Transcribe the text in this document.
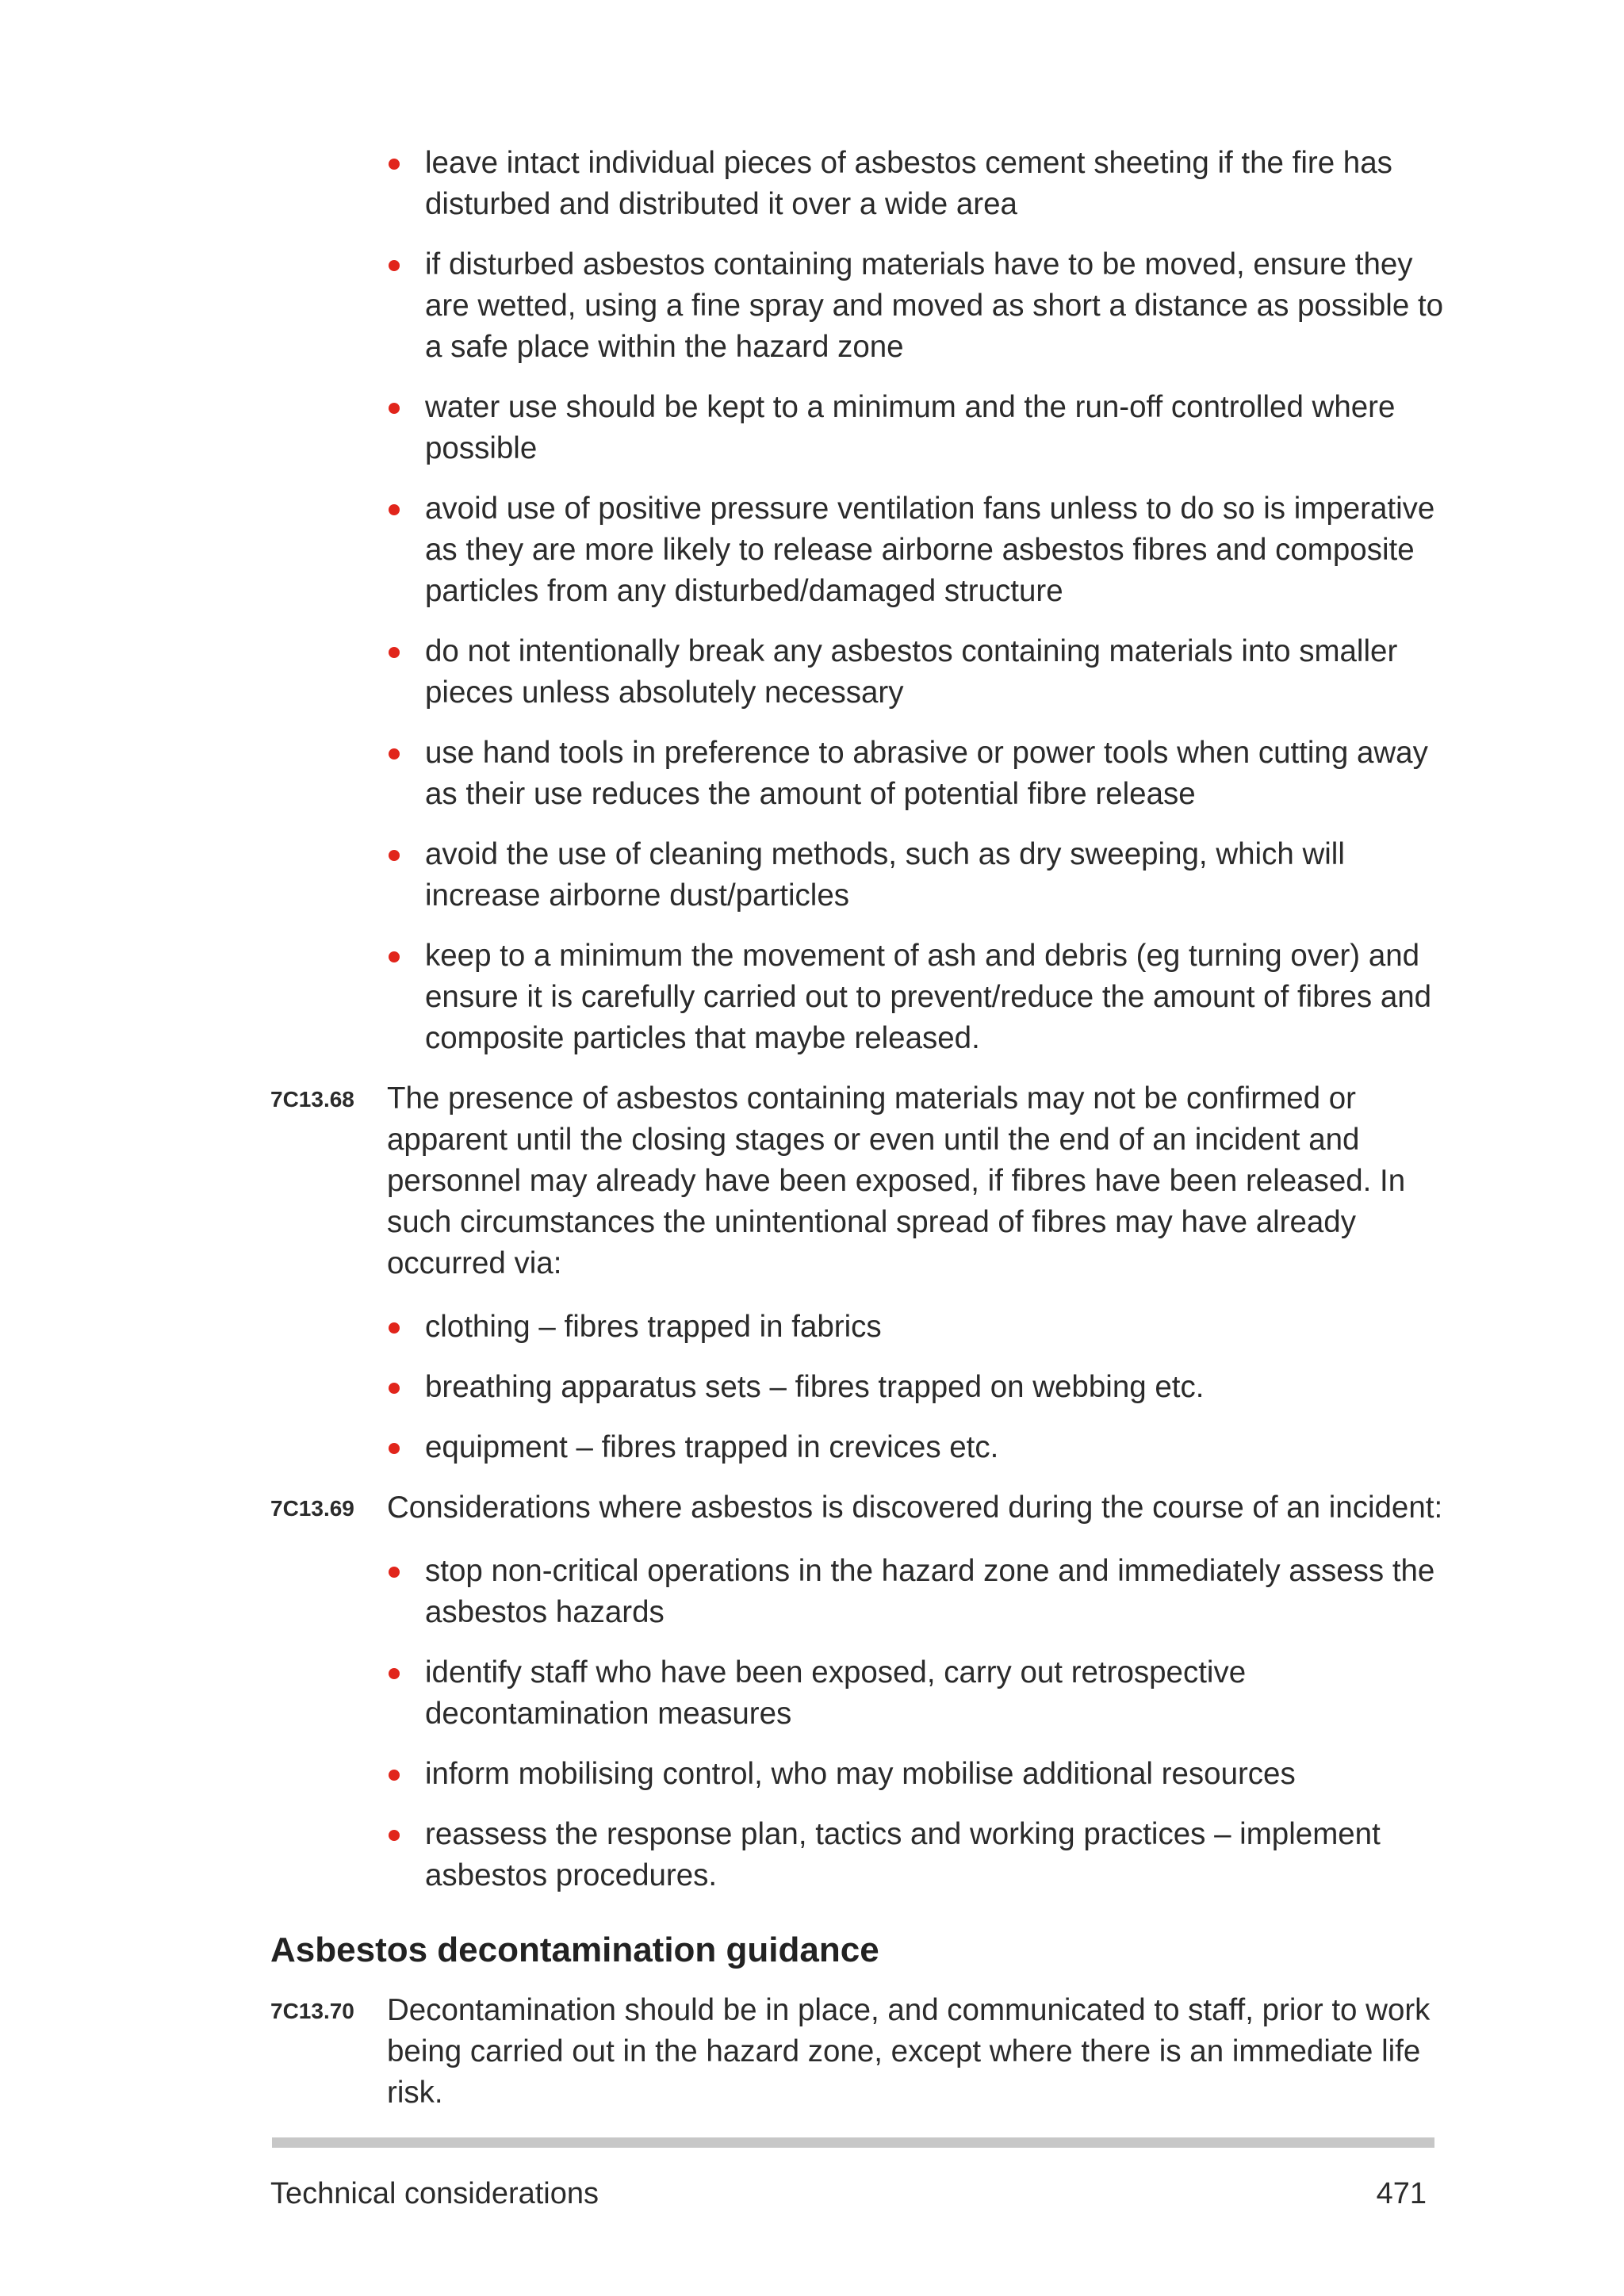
leave intact individual pieces of asbestos cement sheeting if the fire has disturbed and distributed it over a wide area
if disturbed asbestos containing materials have to be moved, ensure they are wetted, using a fine spray and moved as short a distance as possible to a safe place within the hazard zone
water use should be kept to a minimum and the run-off controlled where possible
avoid use of positive pressure ventilation fans unless to do so is imperative as they are more likely to release airborne asbestos fibres and composite particles from any disturbed/damaged structure
do not intentionally break any asbestos containing materials into smaller pieces unless absolutely necessary
use hand tools in preference to abrasive or power tools when cutting away as their use reduces the amount of potential fibre release
avoid the use of cleaning methods, such as dry sweeping, which will increase airborne dust/particles
keep to a minimum the movement of ash and debris (eg turning over) and ensure it is carefully carried out to prevent/reduce the amount of fibres and composite particles that maybe released.
7C13.68 The presence of asbestos containing materials may not be confirmed or apparent until the closing stages or even until the end of an incident and personnel may already have been exposed, if fibres have been released. In such circumstances the unintentional spread of fibres may have already occurred via:
clothing – fibres trapped in fabrics
breathing apparatus sets – fibres trapped on webbing etc.
equipment – fibres trapped in crevices etc.
7C13.69 Considerations where asbestos is discovered during the course of an incident:
stop non-critical operations in the hazard zone and immediately assess the asbestos hazards
identify staff who have been exposed, carry out retrospective decontamination measures
inform mobilising control, who may mobilise additional resources
reassess the response plan, tactics and working practices – implement asbestos procedures.
Asbestos decontamination guidance
7C13.70 Decontamination should be in place, and communicated to staff, prior to work being carried out in the hazard zone, except where there is an immediate life risk.
Technical considerations	471
